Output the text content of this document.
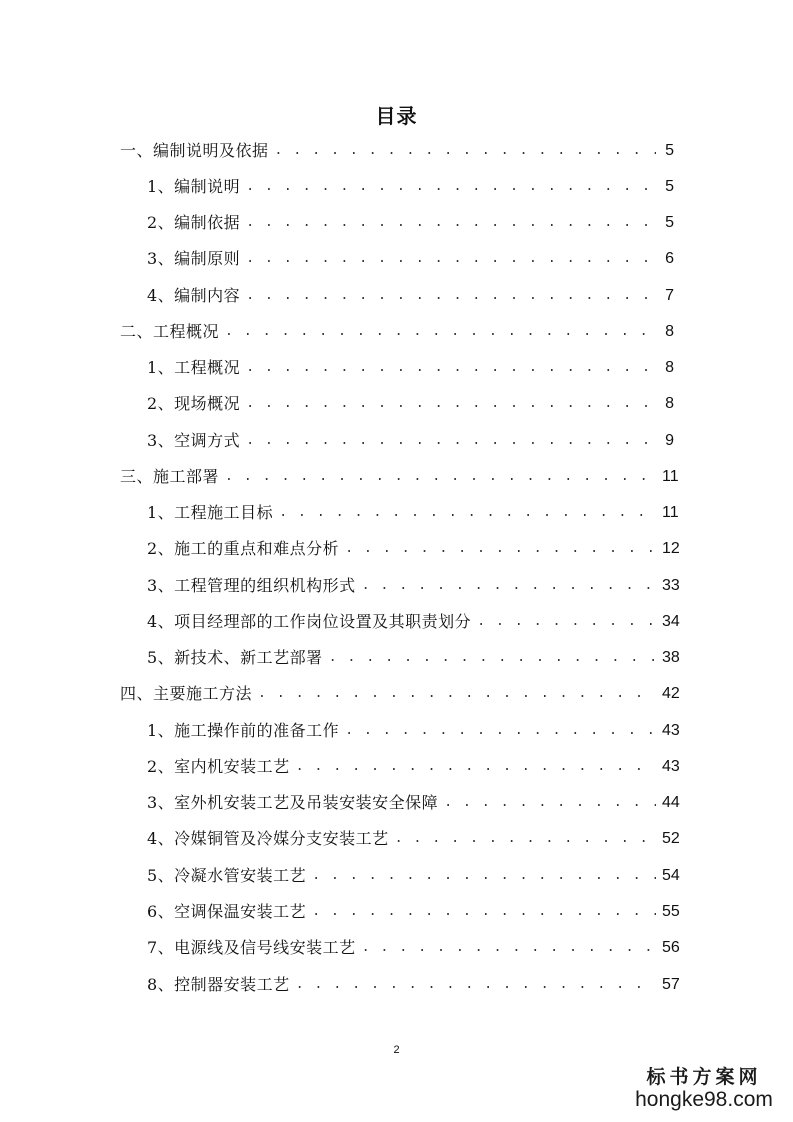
目录
一、编制说明及依据 . . .	5
1、编制说明 . . .	5
2、编制依据 . . .	5
3、编制原则 . . .	6
4、编制内容 . . .	7
二、工程概况 . . .	8
1、工程概况 . . .	8
2、现场概况 . . .	8
3、空调方式 . . .	9
三、施工部署 . . .	11
1、工程施工目标 . . .	11
2、施工的重点和难点分析 . . .	12
3、工程管理的组织机构形式 . . .	33
4、项目经理部的工作岗位设置及其职责划分 . . .	34
5、新技术、新工艺部署 . . .	38
四、主要施工方法 . . .	42
1、施工操作前的准备工作 . . .	43
2、室内机安装工艺 . . .	43
3、室外机安装工艺及吊装安装安全保障 . . .	44
4、冷媒铜管及冷媒分支安装工艺 . . .	52
5、冷凝水管安装工艺 . . .	54
6、空调保温安装工艺 . . .	55
7、电源线及信号线安装工艺 . . .	56
8、控制器安装工艺 . . .	57
2
标书方案网
hongke98.com
